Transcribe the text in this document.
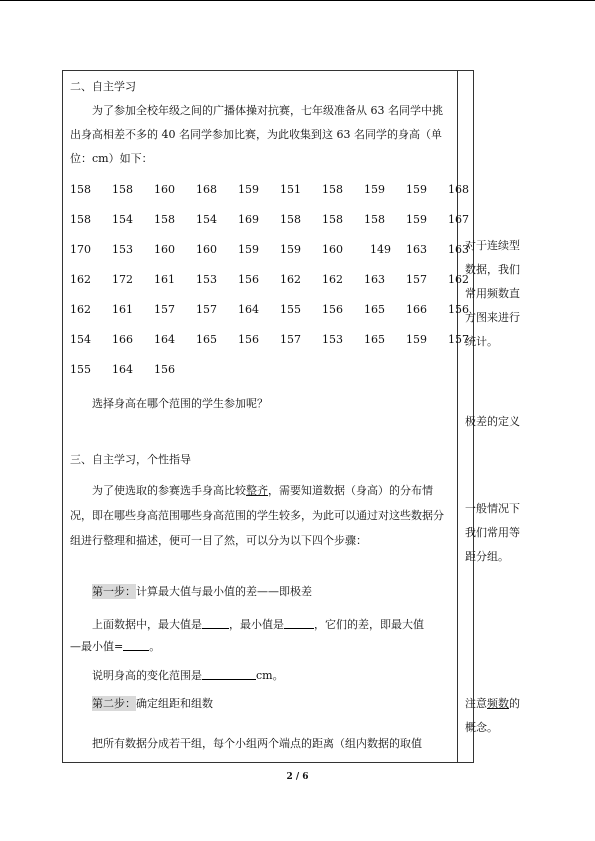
二、自主学习
为了参加全校年级之间的广播体操对抗赛，七年级准备从 63 名同学中挑出身高相差不多的 40 名同学参加比赛，为此收集到这 63 名同学的身高（单位：cm）如下：
158	158	160	168	159	151	158	159	159	168
158	154	158	154	169	158	158	158	159	167
170	153	160	160	159	159	160	149	163	163
162	172	161	153	156	162	162	163	157	162
162	161	157	157	164	155	156	165	166	156
154	166	164	165	156	157	153	165	159	157
155	164	156
选择身高在哪个范围的学生参加呢？
三、自主学习，个性指导
为了使选取的参赛选手身高比较整齐，需要知道数据（身高）的分布情况，即在哪些身高范围哪些身高范围的学生较多，为此可以通过对这些数据分组进行整理和描述，便可一目了然，可以分为以下四个步骤：
第一步：计算最大值与最小值的差——即极差
上面数据中，最大值是 ，最小值是	，它们的差，即最大值
—最小值= 。
说明身高的变化范围是	cm。
第二步：确定组距和组数
把所有数据分成若干组，每个小组两个端点的距离（组内数据的取值
对于连续型
数据，我们
常用频数直
方图来进行
统计。
极差的定义
一般情况下
我们常用等
距分组。
注意频数的
概念。
2 / 6
